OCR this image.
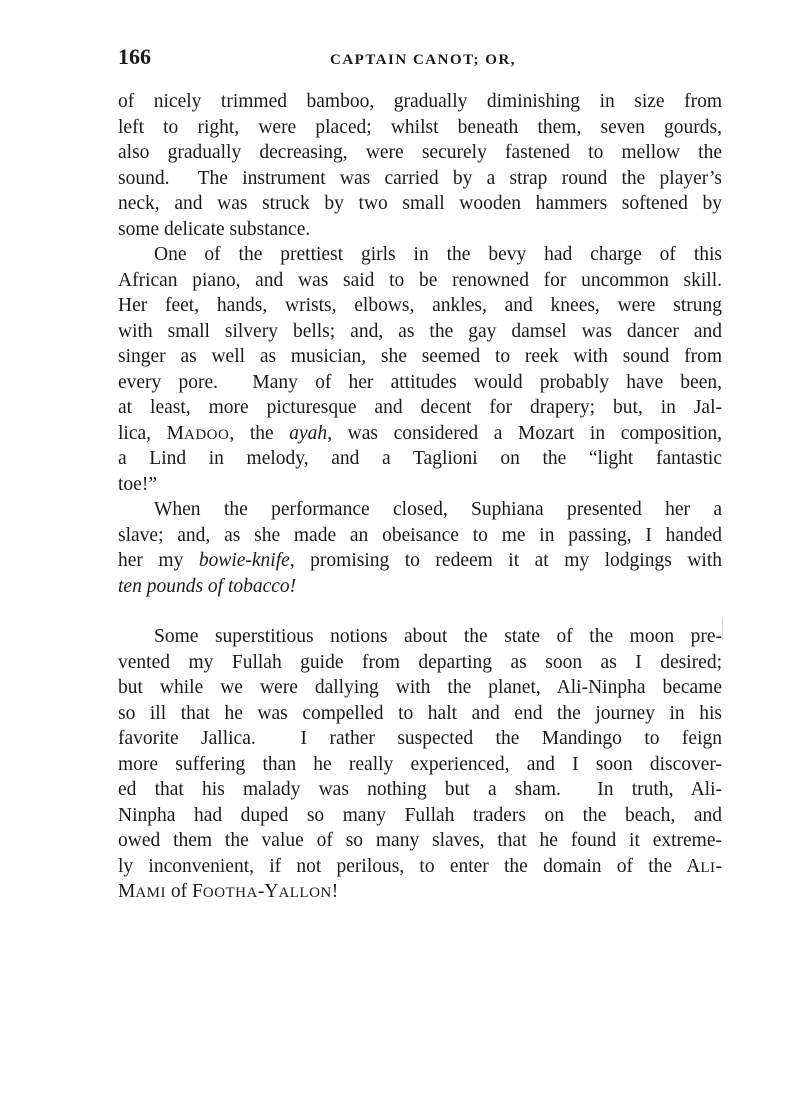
166	CAPTAIN CANOT; OR,
of nicely trimmed bamboo, gradually diminishing in size from
left to right, were placed; whilst beneath them, seven gourds,
also gradually decreasing, were securely fastened to mellow the
sound.  The instrument was carried by a strap round the player’s
neck, and was struck by two small wooden hammers softened by
some delicate substance.
One of the prettiest girls in the bevy had charge of this
African piano, and was said to be renowned for uncommon skill.
Her feet, hands, wrists, elbows, ankles, and knees, were strung
with small silvery bells; and, as the gay damsel was dancer and
singer as well as musician, she seemed to reek with sound from
every pore.  Many of her attitudes would probably have been,
at least, more picturesque and decent for drapery; but, in Jal-
lica, MADOO, the ayah, was considered a Mozart in composition,
a Lind in melody, and a Taglioni on the “light fantastic
toe!”
When the performance closed, Suphiana presented her a
slave; and, as she made an obeisance to me in passing, I handed
her my bowie-knife, promising to redeem it at my lodgings with
ten pounds of tobacco!
Some superstitious notions about the state of the moon pre-
vented my Fullah guide from departing as soon as I desired;
but while we were dallying with the planet, Ali-Ninpha became
so ill that he was compelled to halt and end the journey in his
favorite Jallica.  I rather suspected the Mandingo to feign
more suffering than he really experienced, and I soon discover-
ed that his malady was nothing but a sham.  In truth, Ali-
Ninpha had duped so many Fullah traders on the beach, and
owed them the value of so many slaves, that he found it extreme-
ly inconvenient, if not perilous, to enter the domain of the ALI-
MAMI of FOOTHA-YALLON!
